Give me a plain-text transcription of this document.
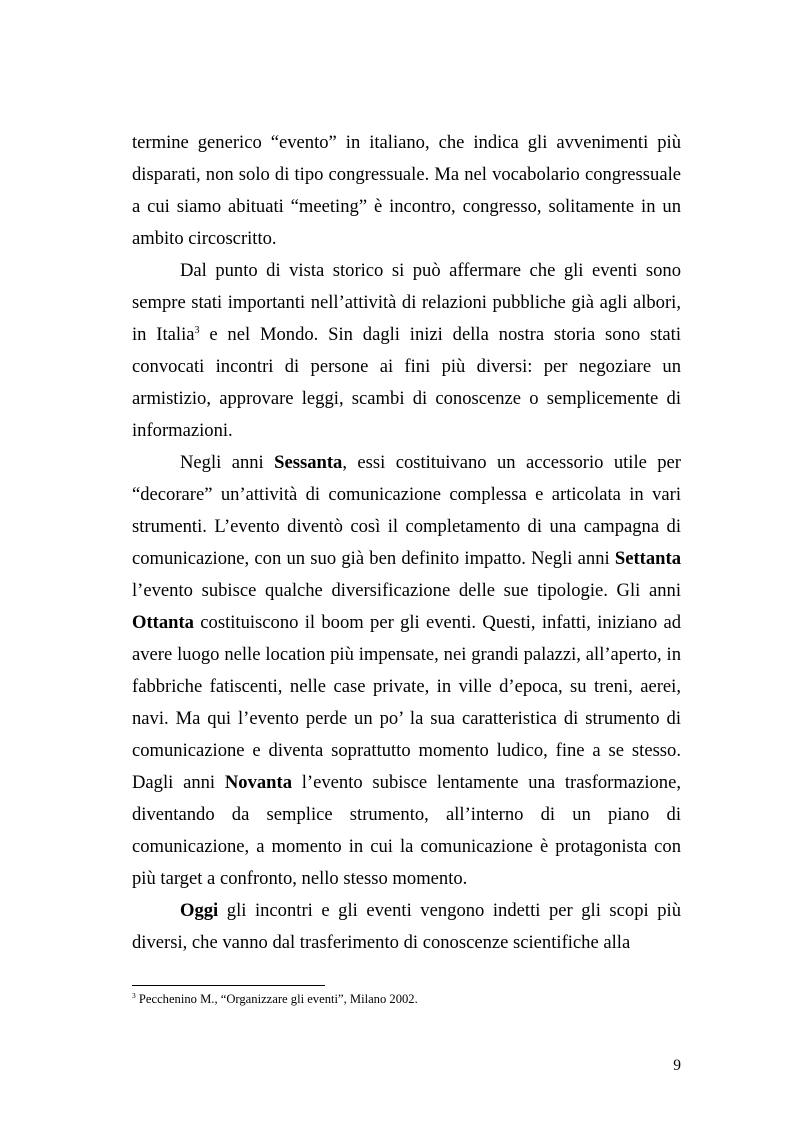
termine generico “evento” in italiano, che indica gli avvenimenti più disparati, non solo di tipo congressuale. Ma nel vocabolario congressuale a cui siamo abituati “meeting” è incontro, congresso, solitamente in un ambito circoscritto.

Dal punto di vista storico si può affermare che gli eventi sono sempre stati importanti nell’attività di relazioni pubbliche già agli albori, in Italia$^3$ e nel Mondo. Sin dagli inizi della nostra storia sono stati convocati incontri di persone ai fini più diversi: per negoziare un armistizio, approvare leggi, scambi di conoscenze o semplicemente di informazioni.

Negli anni Sessanta, essi costituivano un accessorio utile per “decorare” un’attività di comunicazione complessa e articolata in vari strumenti. L’evento diventò così il completamento di una campagna di comunicazione, con un suo già ben definito impatto. Negli anni Settanta l’evento subisce qualche diversificazione delle sue tipologie. Gli anni Ottanta costituiscono il boom per gli eventi. Questi, infatti, iniziano ad avere luogo nelle location più impensate, nei grandi palazzi, all’aperto, in fabbriche fatiscenti, nelle case private, in ville d’epoca, su treni, aerei, navi. Ma qui l’evento perde un po’ la sua caratteristica di strumento di comunicazione e diventa soprattutto momento ludico, fine a se stesso. Dagli anni Novanta l’evento subisce lentamente una trasformazione, diventando da semplice strumento, all’interno di un piano di comunicazione, a momento in cui la comunicazione è protagonista con più target a confronto, nello stesso momento.

Oggi gli incontri e gli eventi vengono indetti per gli scopi più diversi, che vanno dal trasferimento di conoscenze scientifiche alla

$^3$ Pecchenino M., “Organizzare gli eventi”, Milano 2002.
9
